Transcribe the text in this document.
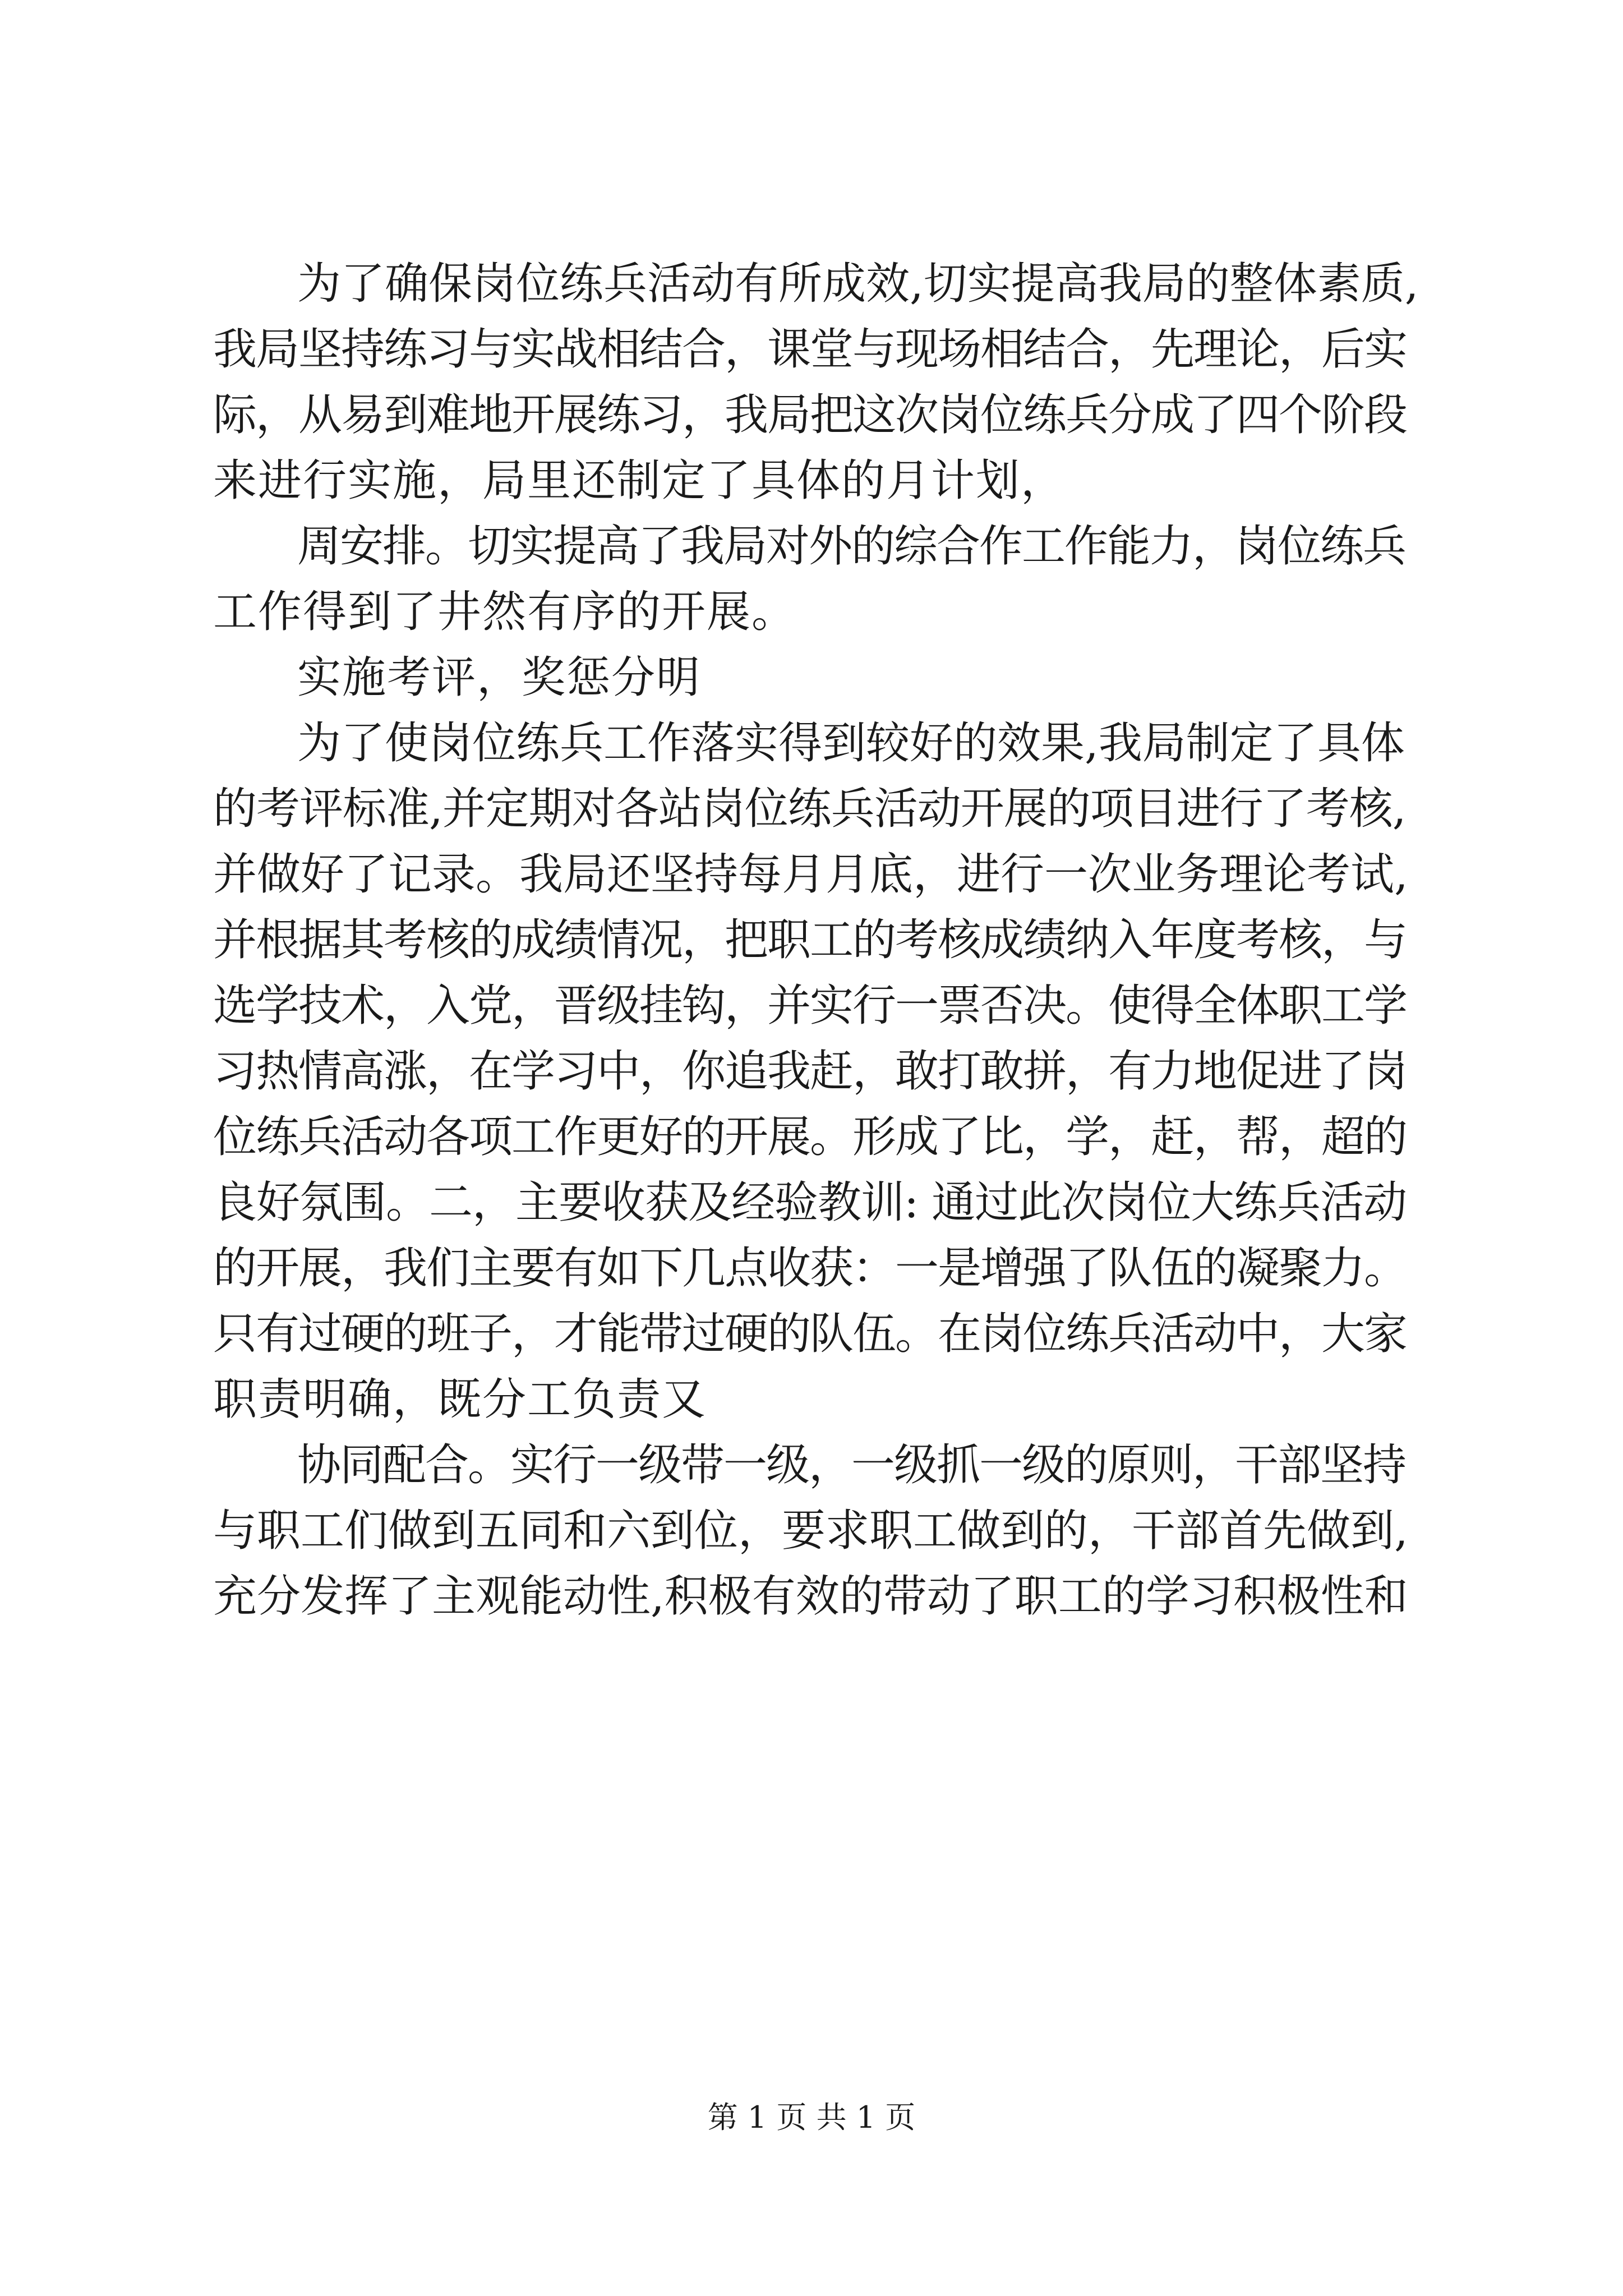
为了确保岗位练兵活动有所成效,切实提高我局的整体素质,
我局坚持练习与实战相结合，课堂与现场相结合，先理论，后实
际，从易到难地开展练习，我局把这次岗位练兵分成了四个阶段
来进行实施，局里还制定了具体的月计划，
周安排。切实提高了我局对外的综合作工作能力，岗位练兵
工作得到了井然有序的开展。
实施考评，奖惩分明
为了使岗位练兵工作落实得到较好的效果,我局制定了具体
的考评标准,并定期对各站岗位练兵活动开展的项目进行了考核,
并做好了记录。我局还坚持每月月底，进行一次业务理论考试,
并根据其考核的成绩情况，把职工的考核成绩纳入年度考核，与
选学技术，入党，晋级挂钩，并实行一票否决。使得全体职工学
习热情高涨，在学习中，你追我赶，敢打敢拼，有力地促进了岗
位练兵活动各项工作更好的开展。形成了比，学，赶，帮，超的
良好氛围。二，主要收获及经验教训: 通过此次岗位大练兵活动
的开展，我们主要有如下几点收获：一是增强了队伍的凝聚力。
只有过硬的班子，才能带过硬的队伍。在岗位练兵活动中，大家
职责明确，既分工负责又
协同配合。实行一级带一级，一级抓一级的原则，干部坚持
与职工们做到五同和六到位，要求职工做到的，干部首先做到,
充分发挥了主观能动性,积极有效的带动了职工的学习积极性和
第 1 页 共 1 页
